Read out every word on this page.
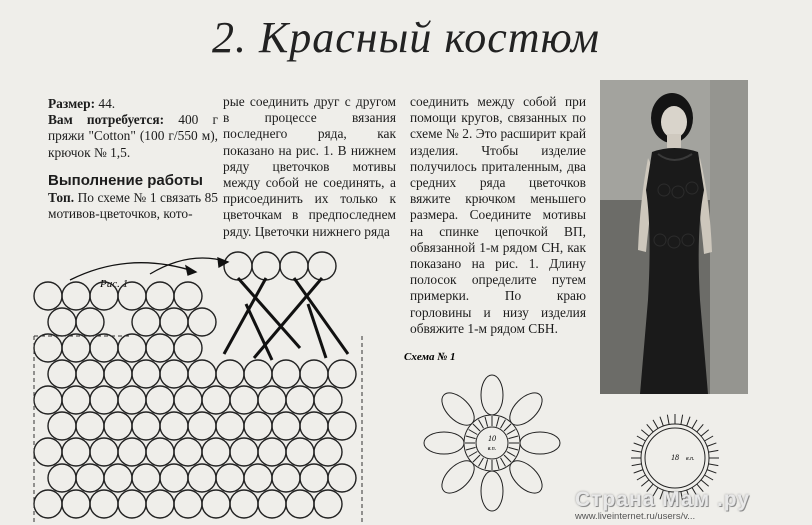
2. Красный костюм

Размер: 44.

Вам потребуется: 400 г пряжи "Cotton" (100 г/550 м), крючок № 1,5.

Выполнение работы

Топ. По схеме № 1 связать 85 мотивов-цветочков, кото-

рые соединить друг с другом в процессе вязания последнего ряда, как показано на рис. 1. В нижнем ряду цветочков мотивы между собой не соединять, а присоединить их только к цветочкам в предпоследнем ряду. Цветочки нижнего ряда

соединить между собой при помощи кругов, связанных по схеме № 2. Это расширит край изделия. Чтобы изделие получилось приталенным, два средних ряда цветочков вяжите крючком меньшего размера. Соедините мотивы на спинке цепочкой ВП, обвязанной 1-м рядом СН, как показано на рис. 1. Длину полосок определите путем примерки. По краю горловины и низу изделия обвяжите 1-м рядом СБН.

Рис. 1
Схема № 1
10
в.п.
18 в.п.
Страна Мам .ру
www.liveinternet.ru/users/v...
